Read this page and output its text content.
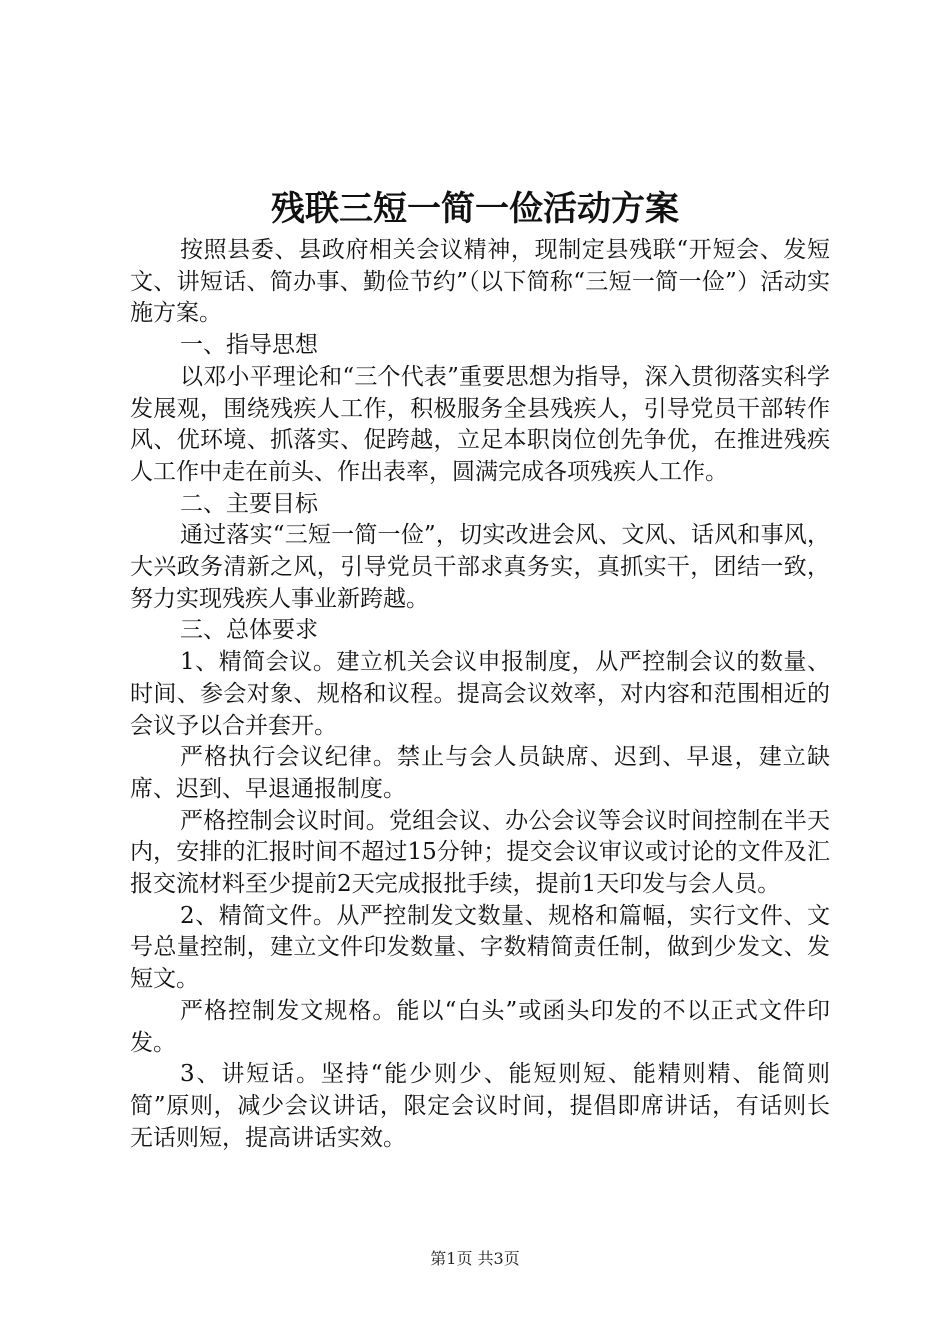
残联三短一简一俭活动方案

按照县委、县政府相关会议精神，现制定县残联“开短会、发短文、讲短话、简办事、勤俭节约”（以下简称“三短一简一俭”）活动实施方案。

一、指导思想

以邓小平理论和“三个代表”重要思想为指导，深入贯彻落实科学发展观，围绕残疾人工作，积极服务全县残疾人，引导党员干部转作风、优环境、抓落实、促跨越，立足本职岗位创先争优，在推进残疾人工作中走在前头、作出表率，圆满完成各项残疾人工作。

二、主要目标

通过落实“三短一简一俭”，切实改进会风、文风、话风和事风，大兴政务清新之风，引导党员干部求真务实，真抓实干，团结一致，努力实现残疾人事业新跨越。

三、总体要求

1、精简会议。建立机关会议申报制度，从严控制会议的数量、时间、参会对象、规格和议程。提高会议效率，对内容和范围相近的会议予以合并套开。

严格执行会议纪律。禁止与会人员缺席、迟到、早退，建立缺席、迟到、早退通报制度。

严格控制会议时间。党组会议、办公会议等会议时间控制在半天内，安排的汇报时间不超过15分钟；提交会议审议或讨论的文件及汇报交流材料至少提前2天完成报批手续，提前1天印发与会人员。

2、精简文件。从严控制发文数量、规格和篇幅，实行文件、文号总量控制，建立文件印发数量、字数精简责任制，做到少发文、发短文。

严格控制发文规格。能以“白头”或函头印发的不以正式文件印发。

3、讲短话。坚持“能少则少、能短则短、能精则精、能简则简”原则，减少会议讲话，限定会议时间，提倡即席讲话，有话则长无话则短，提高讲话实效。

第1页 共3页
